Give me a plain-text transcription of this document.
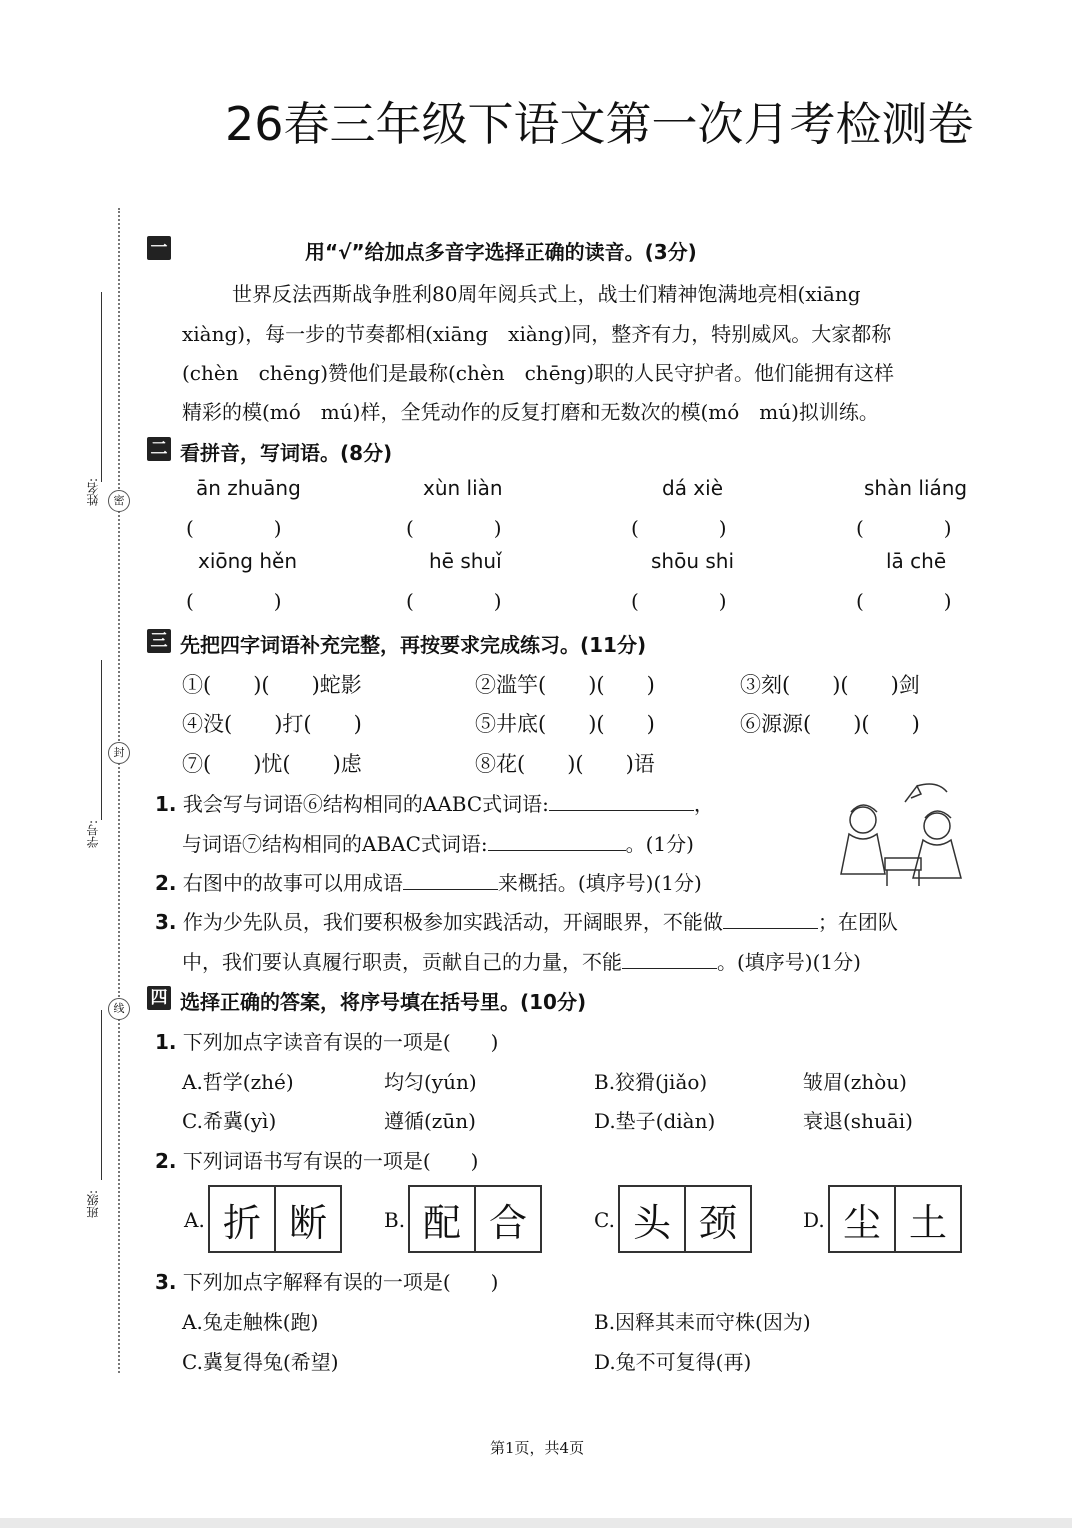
26春三年级下语文第一次月考检测卷
姓名:	密
封
学号:
线
班级:
一	用“√”给加点多音字选择正确的读音。(3分)
世界反法西斯战争胜利80周年阅兵式上，战士们精神饱满地亮相(xiāng
xiàng)，每一步的节奏都相(xiāng　xiàng)同，整齐有力，特别威风。大家都称
(chèn　chēng)赞他们是最称(chèn　chēng)职的人民守护者。他们能拥有这样
精彩的模(mó　mú)样，全凭动作的反复打磨和无数次的模(mó　mú)拟训练。
二 看拼音，写词语。(8分)
ān zhuāng	xùn liàn	dá xiè	shàn liáng
(　　　　)	(　　　　)	(　　　　)	(　　　　)
xiōng hěn	hē shuǐ	shōu shi	lā chē
(　　　　)	(　　　　)	(　　　　)	(　　　　)
三 先把四字词语补充完整，再按要求完成练习。(11分)
①(　　)(　　)蛇影	②滥竽(　　)(　　)	③刻(　　)(　　)剑
④没(　　)打(　　)	⑤井底(　　)(　　)	⑥源源(　　)(　　)
⑦(　　)忧(　　)虑	⑧花(　　)(　　)语
1. 我会写与词语⑥结构相同的AABC式词语:	，
与词语⑦结构相同的ABAC式词语:	。(1分)
2. 右图中的故事可以用成语	来概括。(填序号)(1分)
3. 作为少先队员，我们要积极参加实践活动，开阔眼界，不能做	；在团队
中，我们要认真履行职责，贡献自己的力量，不能	。(填序号)(1分)
四 选择正确的答案，将序号填在括号里。(10分)
1. 下列加点字读音有误的一项是(　　)
A.哲学(zhé)	均匀(yún)	B.狡猾(jiǎo)	皱眉(zhòu)
C.希冀(yì)	遵循(zūn)	D.垫子(diàn)	衰退(shuāi)
2. 下列词语书写有误的一项是(　　)
A. 折 断	B. 配 合	C. 头 颈	D. 尘 土
3. 下列加点字解释有误的一项是(　　)
A.兔走触株(跑)	B.因释其耒而守株(因为)
C.冀复得兔(希望)	D.兔不可复得(再)
第1页，共4页
